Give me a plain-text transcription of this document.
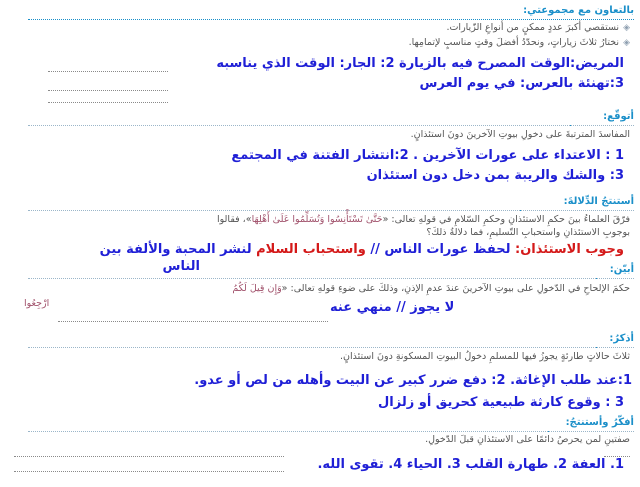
بالتعاون مع مجموعتي:
◈نستقصي أكبرَ عددٍ ممكنٍ من أنواعِ الزّيارات.
◈نختارُ ثلاثَ زياراتٍ، ونحدّدُ أفضلَ وقتٍ مناسبٍ لإتمامِها.
المريض:الوقت المصرح فيه بالزيارة 2: الجار: الوقت الذي يناسبه
3:تهنئة بالعرس: في يوم العرس
أتوقّع:
المفاسدَ المترتبةَ على دخولِ بيوتِ الآخرينَ دونَ استئذانٍ.
1 : الاعتداء على عورات الآخرين . 2:انتشار الفتنة في المجتمع
3: والشك والريبة بمن دخل دون استئذان
أستنتجُ الدِّلالةَ:
فرّقَ العلماءُ بينَ حكمِ الاستئذانِ وحكمِ السّلامِ في قولهِ تعالى: «حَتَّىٰ تَسْتَأْنِسُوا وَتُسَلِّمُوا عَلَىٰ أَهْلِهَا»، فقالوا
بوجوبِ الاستئذانِ واستحبابِ التّسليمِ، فما دلالةُ ذلكَ؟
وجوب الاستئذان: لحفظ عورات الناس // واستحباب السلام لنشر المحبة والألفة بين
الناس	أبيّن:
حكمَ الإلحاحِ في الدّخولِ على بيوتِ الآخرينَ عندَ عدمِ الإذنِ، وذلكَ على ضوءِ قولهِ تعالى: «وَإِن قِيلَ لَكُمُ
ارْجِعُوا	لا يجوز // منهي عنه
أذكرُ:
ثلاثَ حالاتٍ طارئةٍ يجوزُ فيها للمسلمِ دخولُ البيوتِ المسكونةِ دونَ استئذانٍ.
1:عند طلب الإغاثة. 2: دفع ضرر كبير عن البيت وأهله من لص أو عدو.
3 : وقوع كارثة طبيعية كحريق أو زلزال
أفكّرُ وأستنتجُ:
صفتينِ لمن يحرصُ دائمًا على الاستئذانِ قبلَ الدّخولِ.
1. العفة 2. طهارة القلب 3. الحياء 4. تقوى الله.
